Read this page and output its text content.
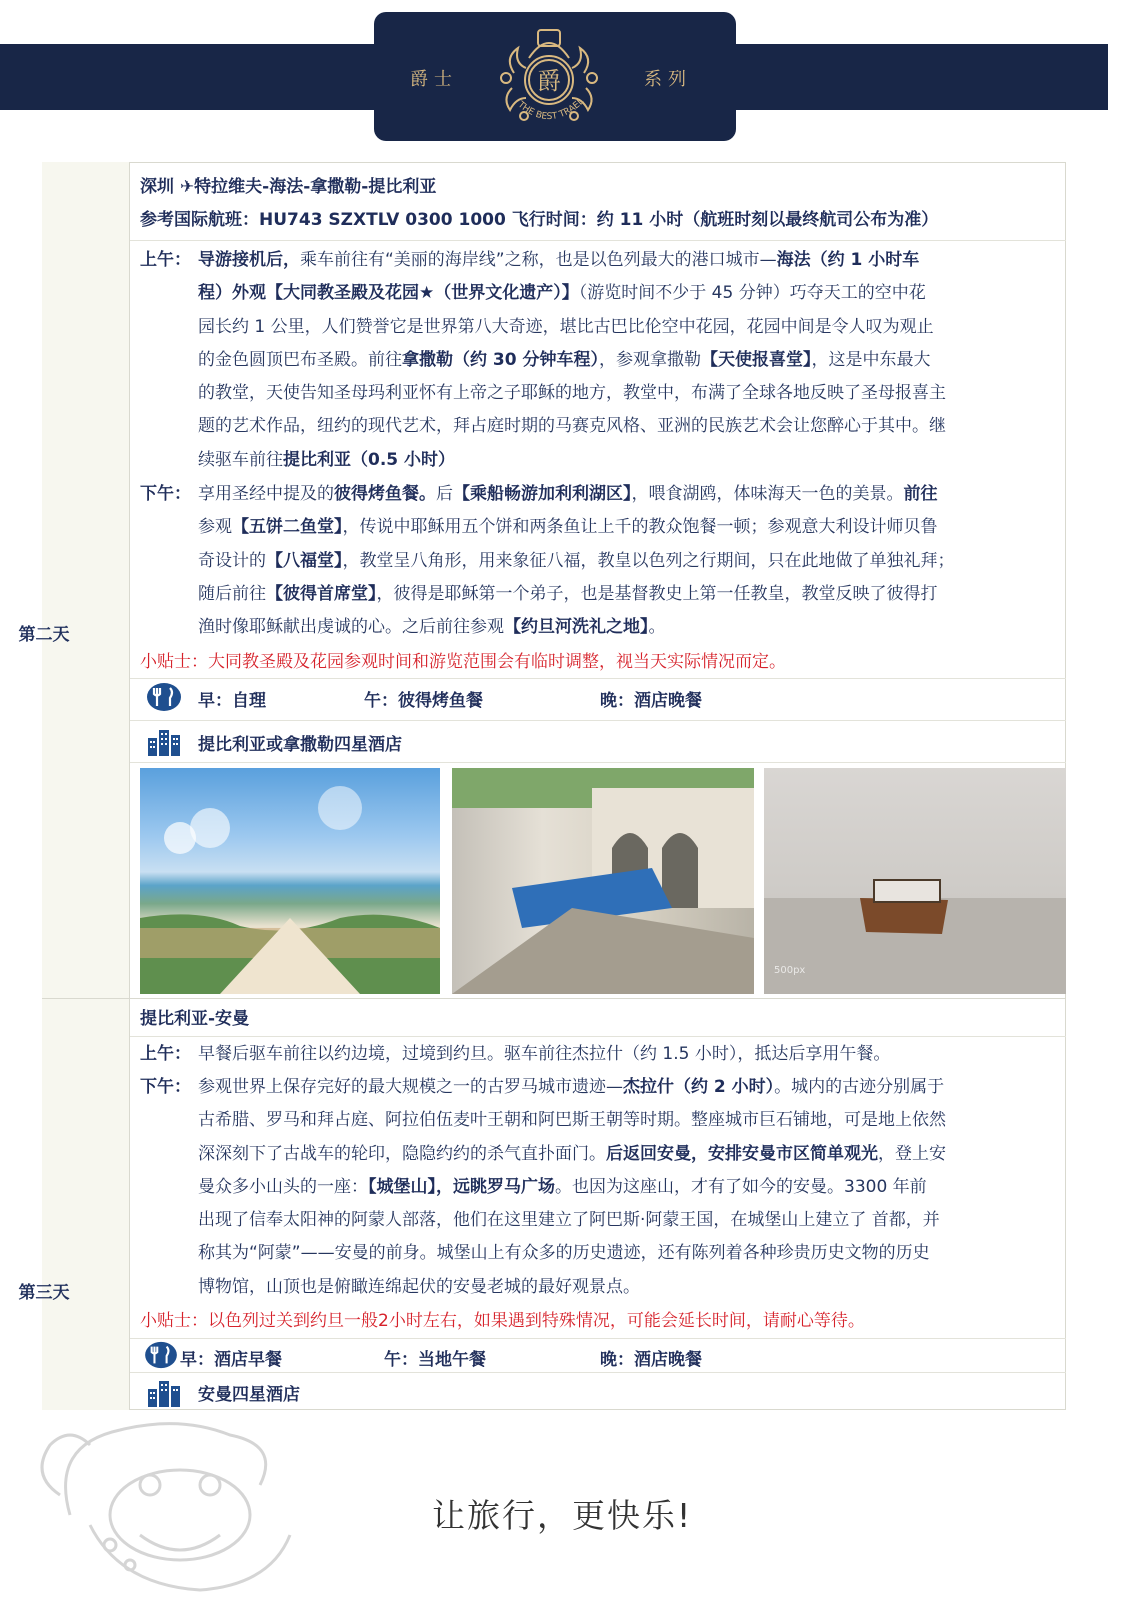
爵士	系列
爵
THE BEST TRAEL
第二天
第三天
深圳 ✈特拉维夫-海法-拿撒勒-提比利亚
参考国际航班：HU743 SZXTLV 0300 1000 飞行时间：约 11 小时（航班时刻以最终航司公布为准）
上午： 导游接机后，乘车前往有“美丽的海岸线”之称，也是以色列最大的港口城市—海法（约 1 小时车
程）外观【大同教圣殿及花园★（世界文化遗产）】（游览时间不少于 45 分钟）巧夺天工的空中花
园长约 1 公里，人们赞誉它是世界第八大奇迹，堪比古巴比伦空中花园，花园中间是令人叹为观止
的金色圆顶巴布圣殿。前往拿撒勒（约 30 分钟车程），参观拿撒勒【天使报喜堂】，这是中东最大
的教堂，天使告知圣母玛利亚怀有上帝之子耶稣的地方，教堂中，布满了全球各地反映了圣母报喜主
题的艺术作品，纽约的现代艺术，拜占庭时期的马赛克风格、亚洲的民族艺术会让您醉心于其中。继
续驱车前往提比利亚（0.5 小时）
下午： 享用圣经中提及的彼得烤鱼餐。后【乘船畅游加利利湖区】，喂食湖鸥，体味海天一色的美景。前往
参观【五饼二鱼堂】，传说中耶稣用五个饼和两条鱼让上千的教众饱餐一顿；参观意大利设计师贝鲁
奇设计的【八福堂】，教堂呈八角形，用来象征八福，教皇以色列之行期间，只在此地做了单独礼拜；
随后前往【彼得首席堂】，彼得是耶稣第一个弟子，也是基督教史上第一任教皇，教堂反映了彼得打
渔时像耶稣献出虔诚的心。之后前往参观【约旦河洗礼之地】。
小贴士：大同教圣殿及花园参观时间和游览范围会有临时调整，视当天实际情况而定。
早：自理	午：彼得烤鱼餐	晚：酒店晚餐
提比利亚或拿撒勒四星酒店
500px
提比利亚-安曼
上午： 早餐后驱车前往以约边境，过境到约旦。驱车前往杰拉什（约 1.5 小时），抵达后享用午餐。
下午： 参观世界上保存完好的最大规模之一的古罗马城市遗迹—杰拉什（约 2 小时）。城内的古迹分别属于
古希腊、罗马和拜占庭、阿拉伯伍麦叶王朝和阿巴斯王朝等时期。整座城市巨石铺地，可是地上依然
深深刻下了古战车的轮印，隐隐约约的杀气直扑面门。后返回安曼，安排安曼市区简单观光，登上安
曼众多小山头的一座：【城堡山】，远眺罗马广场。也因为这座山，才有了如今的安曼。3300 年前
出现了信奉太阳神的阿蒙人部落，他们在这里建立了阿巴斯·阿蒙王国，在城堡山上建立了 首都，并
称其为“阿蒙”——安曼的前身。城堡山上有众多的历史遗迹，还有陈列着各种珍贵历史文物的历史
博物馆，山顶也是俯瞰连绵起伏的安曼老城的最好观景点。
小贴士：以色列过关到约旦一般2小时左右，如果遇到特殊情况，可能会延长时间，请耐心等待。
早：酒店早餐	午：当地午餐	晚：酒店晚餐
安曼四星酒店
让旅行，更快乐!
